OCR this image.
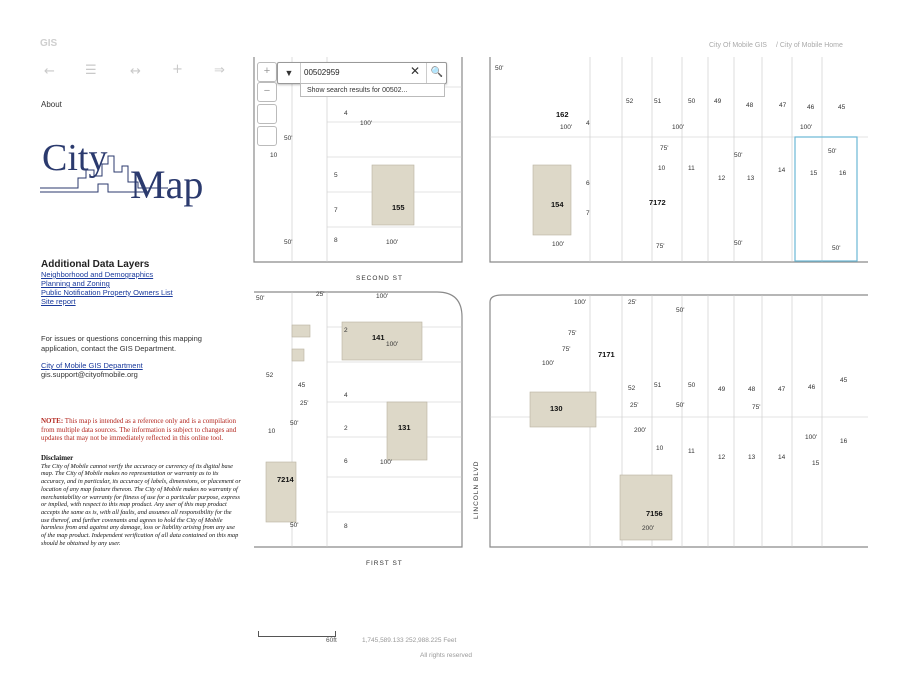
GIS
← ☰	↔ + ⇒
City Of Mobile GIS / City of Mobile Home
About
City
Map
Additional Data Layers
Neighborhood and Demographics
Planning and Zoning
Public Notification Property Owners List
Site report
For issues or questions concerning this mapping application, contact the GIS Department.
City of Mobile GIS Department
gis.support@cityofmobile.org
NOTE: This map is intended as a reference only and is a compilation from multiple data sources. The information is subject to changes and updates that may not be immediately reflected in this online tool.
Disclaimer
The City of Mobile cannot verify the accuracy or currency of its digital base map. The City of Mobile makes no representation or warranty as to its accuracy, and in particular, its accuracy of labels, dimensions, or placement or location of any map feature thereon. The City of Mobile makes no warranty of merchantability or warranty for fitness of use for a particular purpose, express or implied, with respect to this map product. Any user of this map product accepts the same as is, with all faults, and assumes all responsibility for the use thereof, and further covenants and agrees to hold the City of Mobile harmless from and against any damage, loss or liability arising from any use of the map product. Independent verification of all data contained on this map should be obtained by any user.
155
162
154	7172
141
7171
130
131
7214
7156
4
5
7
8
10
4
6
7
52	51	50	49
48	47	46	45
10	11
12	13
14	15	16
2
4
2
6
8
10
52
45	52	51	50
49	48	47	46
45
10	11
12	13	14
15
16
100'
100'
50'
50'
50'
100'
100'	100'
75'
75'
50'
50'
100'
50'
50'
25'	100'
50'
100'
25'
50'
100'
50'
100'	25'
75'
75'
100'
50'
25'	50'	75'
100'
200'
200'
SECOND ST
FIRST ST
LINCOLN BLVD
+
−
▼
00502959	✕	🔍
Show search results for 00502...
60ft	1,745,589.133 252,988.225 Feet
All rights reserved
